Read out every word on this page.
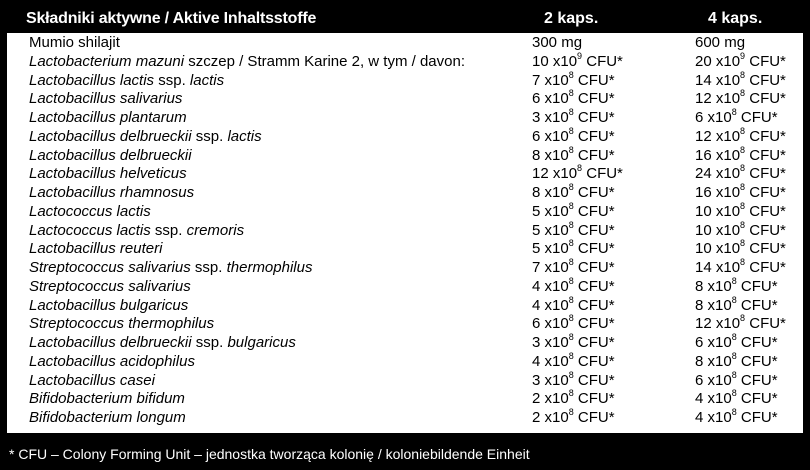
Składniki aktywne / Aktive Inhaltsstoffe	2 kaps.	4 kaps.
Mumio shilajit	300 mg	600 mg
Lactobacterium mazuni szczep / Stramm Karine 2, w tym / davon:	10 $x10^9$ CFU*	20 $x10^9$ CFU*
Lactobacillus lactis ssp. lactis	7 $x10^8$ CFU*	14 $x10^8$ CFU*
Lactobacillus salivarius	6 $x10^8$ CFU*	12 $x10^8$ CFU*
Lactobacillus plantarum	3 $x10^8$ CFU*	6 $x10^8$ CFU*
Lactobacillus delbrueckii ssp. lactis	6 $x10^8$ CFU*	12 $x10^8$ CFU*
Lactobacillus delbrueckii	8 $x10^8$ CFU*	16 $x10^8$ CFU*
Lactobacillus helveticus	12 $x10^8$ CFU*	24 $x10^8$ CFU*
Lactobacillus rhamnosus	8 $x10^8$ CFU*	16 $x10^8$ CFU*
Lactococcus lactis	5 $x10^8$ CFU*	10 $x10^8$ CFU*
Lactococcus lactis ssp. cremoris	5 $x10^8$ CFU*	10 $x10^8$ CFU*
Lactobacillus reuteri	5 $x10^8$ CFU*	10 $x10^8$ CFU*
Streptococcus salivarius ssp. thermophilus	7 $x10^8$ CFU*	14 $x10^8$ CFU*
Streptococcus salivarius	4 $x10^8$ CFU*	8 $x10^8$ CFU*
Lactobacillus bulgaricus	4 $x10^8$ CFU*	8 $x10^8$ CFU*
Streptococcus thermophilus	6 $x10^8$ CFU*	12 $x10^8$ CFU*
Lactobacillus delbrueckii ssp. bulgaricus	3 $x10^8$ CFU*	6 $x10^8$ CFU*
Lactobacillus acidophilus	4 $x10^8$ CFU*	8 $x10^8$ CFU*
Lactobacillus casei	3 $x10^8$ CFU*	6 $x10^8$ CFU*
Bifidobacterium bifidum	2 $x10^8$ CFU*	4 $x10^8$ CFU*
Bifidobacterium longum	2 $x10^8$ CFU*	4 $x10^8$ CFU*
* CFU – Colony Forming Unit – jednostka tworząca kolonię / koloniebildende Einheit
